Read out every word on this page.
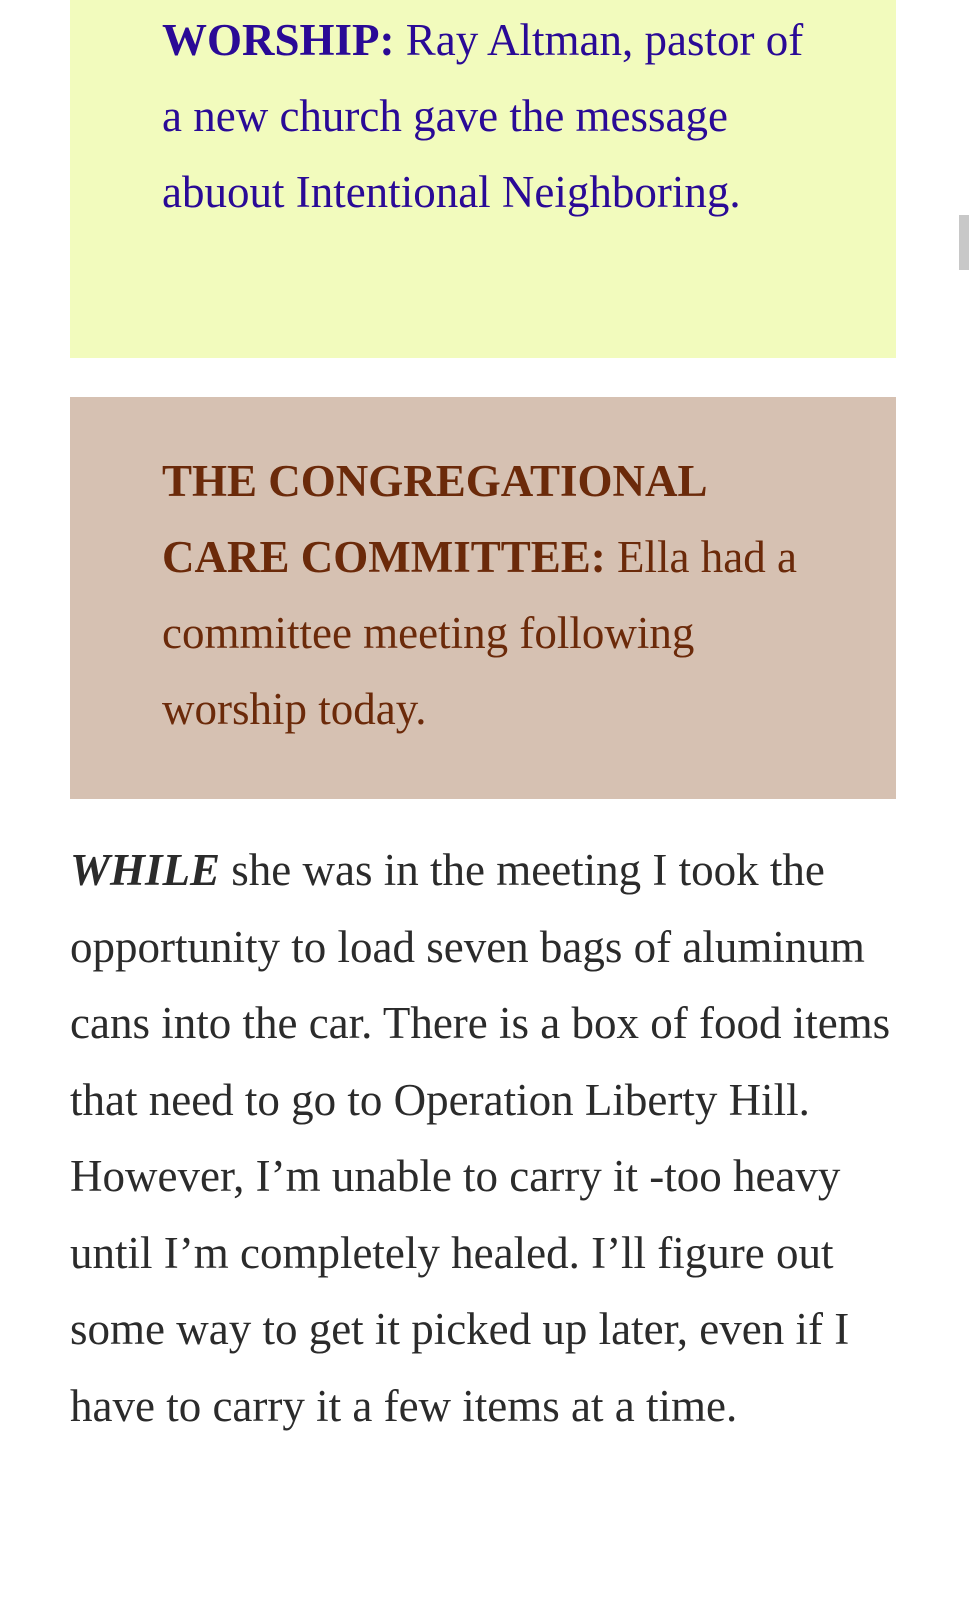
WORSHIP: Ray Altman, pastor of a new church gave the message abuout Intentional Neighboring.

THE CONGREGATIONAL CARE COMMITTEE: Ella had a committee meeting following worship today.

WHILE she was in the meeting I took the opportunity to load seven bags of aluminum cans into the car. There is a box of food items that need to go to Operation Liberty Hill. However, I’m unable to carry it -too heavy until I’m completely healed. I’ll figure out some way to get it picked up later, even if I have to carry it a few items at a time.
